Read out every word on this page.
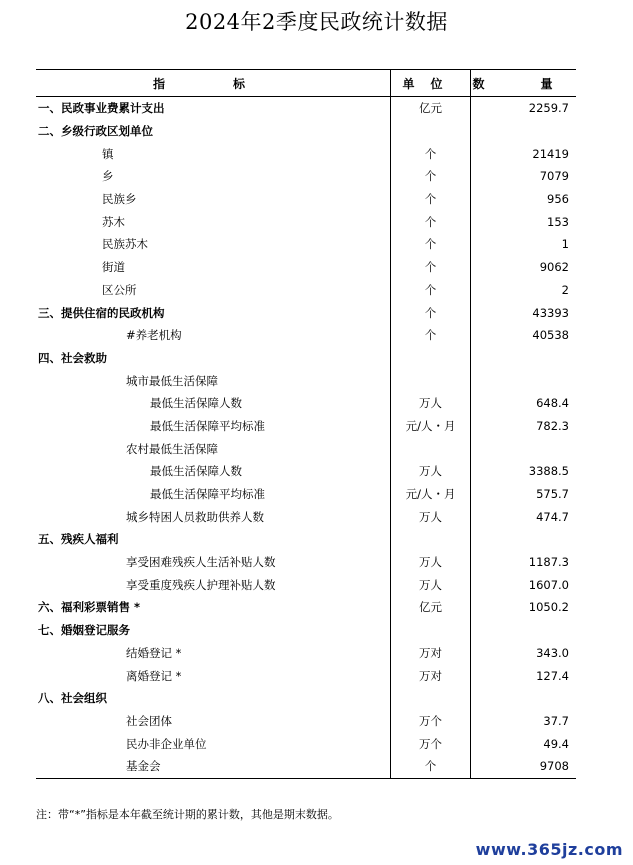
2024年2季度民政统计数据
指　标	单位	数　量
一、民政事业费累计支出	亿元	2259.7
二、乡级行政区划单位		
镇	个	21419
乡	个	7079
民族乡	个	956
苏木	个	153
民族苏木	个	1
街道	个	9062
区公所	个	2
三、提供住宿的民政机构	个	43393
#养老机构	个	40538
四、社会救助		
城市最低生活保障		
最低生活保障人数	万人	648.4
最低生活保障平均标准	元/人・月	782.3
农村最低生活保障		
最低生活保障人数	万人	3388.5
最低生活保障平均标准	元/人・月	575.7
城乡特困人员救助供养人数	万人	474.7
五、残疾人福利		
享受困难残疾人生活补贴人数	万人	1187.3
享受重度残疾人护理补贴人数	万人	1607.0
六、福利彩票销售 *	亿元	1050.2
七、婚姻登记服务		
结婚登记 *	万对	343.0
离婚登记 *	万对	127.4
八、社会组织		
社会团体	万个	37.7
民办非企业单位	万个	49.4
基金会	个	9708
注：带“*”指标是本年截至统计期的累计数，其他是期末数据。
www.365jz.com
